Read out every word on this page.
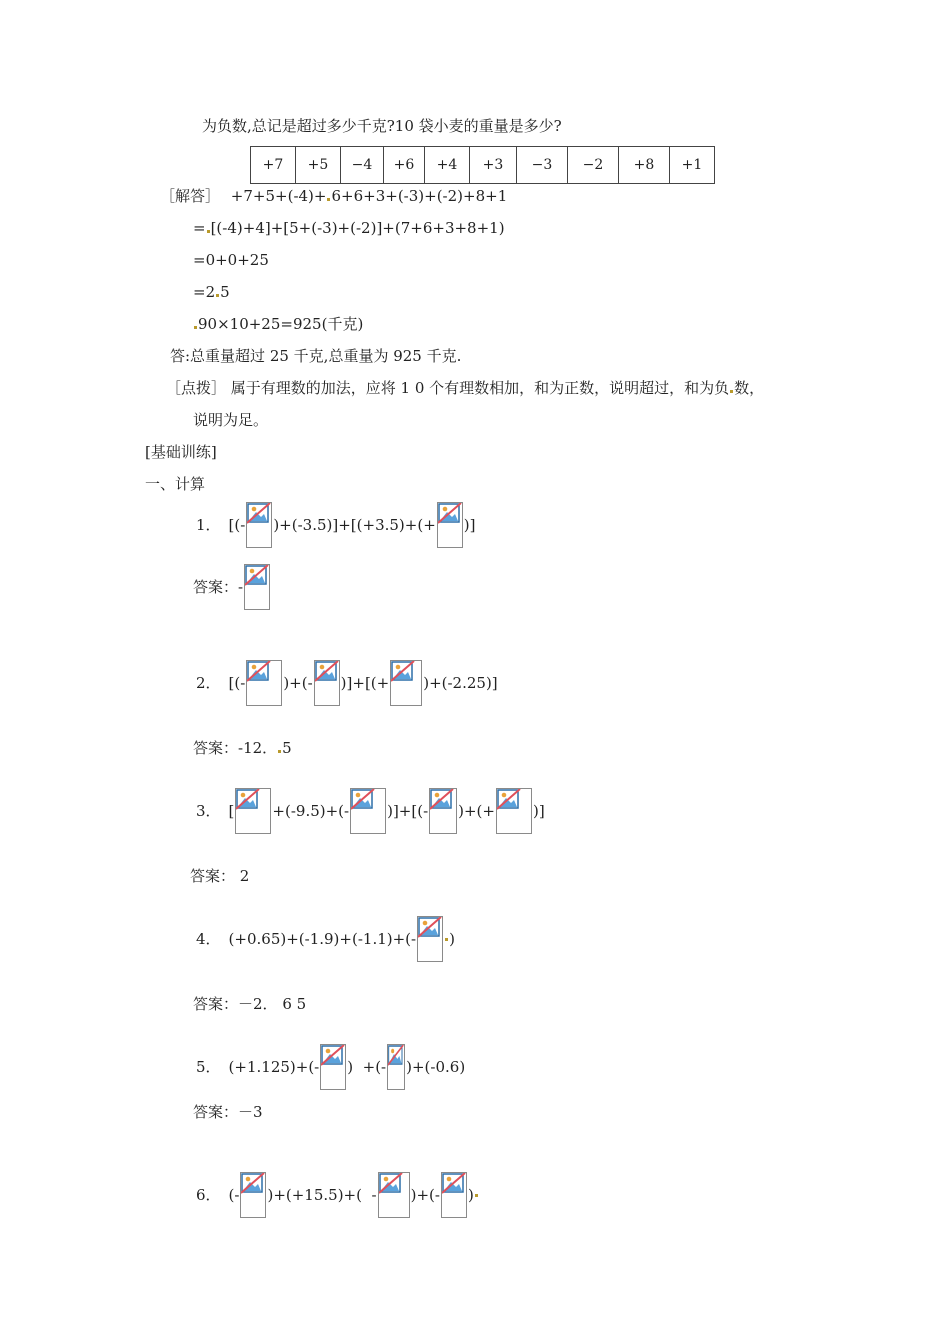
为负数,总记是超过多少千克?10 袋小麦的重量是多少?
+7	+5	−4	+6	+4	+3	−3	−2	+8	+1
［解答］ +7+5+(-4)+ 6+6+3+(-3)+(-2)+8+1
= [(-4)+4]+[5+(-3)+(-2)]+(7+6+3+8+1)
=0+0+25
=2 5
90×10+25=925(千克)
答:总重量超过 25 千克,总重量为 925 千克.
［点拨］ 属于有理数的加法，应将 1 0 个有理数相加，和为正数，说明超过，和为负 数，
说明为足。
[基础训练]
一、计算
1． [(- )+(-3.5)]+[(+3.5)+(+ )]
答案： -
2． [(-	)+(- )]+[(+ )+(-2.25)]
答案：-12． 5
3． [	+(-9.5)+(-	)]+[(- )+(+	)]
答案： 2
4． (+0.65)+(-1.9)+(-1.1)+(- )
答案：－2． 6 5
5． (+1.125)+(- )  +(- )+(-0.6)
答案：－3
6． (- )+(+15.5)+(  - )+(- )
